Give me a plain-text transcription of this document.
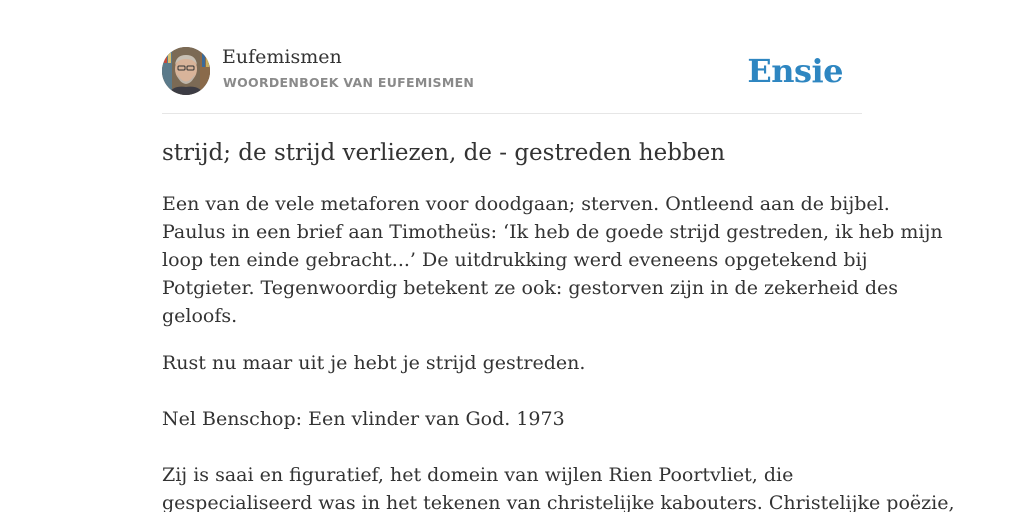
Eufemismen
WOORDENBOEK VAN EUFEMISMEN	Ensie
strijd; de strijd verliezen, de - gestreden hebben
Een van de vele metaforen voor doodgaan; sterven. Ontleend aan de bijbel.
Paulus in een brief aan Timotheüs: ‘Ik heb de goede strijd gestreden, ik heb mijn
loop ten einde gebracht...’ De uitdrukking werd eveneens opgetekend bij
Potgieter. Tegenwoordig betekent ze ook: gestorven zijn in de zekerheid des
geloofs.
Rust nu maar uit je hebt je strijd gestreden.
Nel Benschop: Een vlinder van God. 1973
Zij is saai en figuratief, het domein van wijlen Rien Poortvliet, die
gespecialiseerd was in het tekenen van christelijke kabouters. Christelijke poëzie,
